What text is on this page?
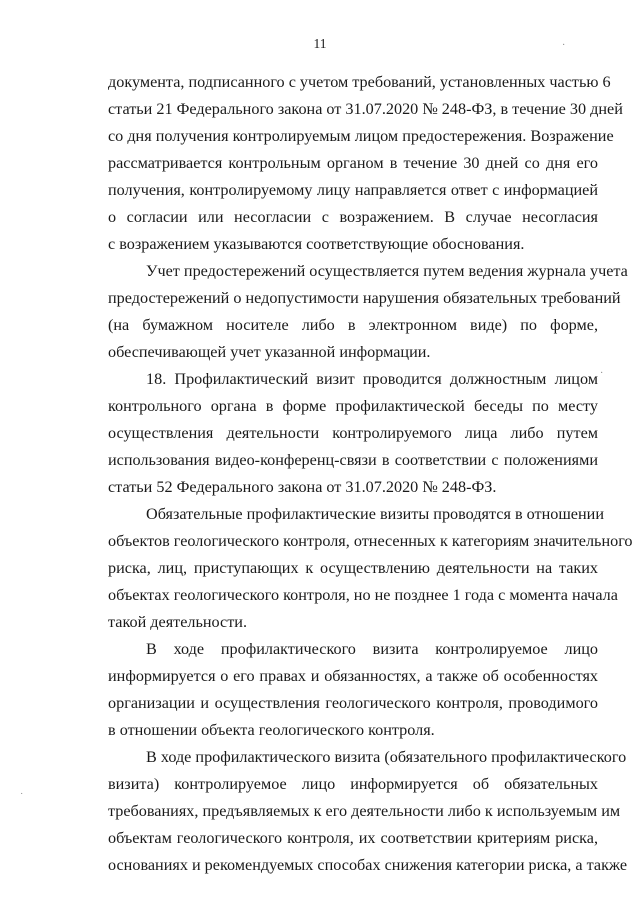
11	·
·
˙
документа, подписанного с учетом требований, установленных частью 6
статьи 21 Федерального закона от 31.07.2020 № 248-ФЗ, в течение 30 дней
со дня получения контролируемым лицом предостережения. Возражение
рассматривается контрольным органом в течение 30 дней со дня его
получения, контролируемому лицу направляется ответ с информацией
о согласии или несогласии с возражением. В случае несогласия
с возражением указываются соответствующие обоснования.
Учет предостережений осуществляется путем ведения журнала учета
предостережений о недопустимости нарушения обязательных требований
(на бумажном носителе либо в электронном виде) по форме,
обеспечивающей учет указанной информации.
18. Профилактический визит проводится должностным лицом
контрольного органа в форме профилактической беседы по месту
осуществления деятельности контролируемого лица либо путем
использования видео-конференц-связи в соответствии с положениями
статьи 52 Федерального закона от 31.07.2020 № 248-ФЗ.
Обязательные профилактические визиты проводятся в отношении
объектов геологического контроля, отнесенных к категориям значительного
риска, лиц, приступающих к осуществлению деятельности на таких
объектах геологического контроля, но не позднее 1 года с момента начала
такой деятельности.
В ходе профилактического визита контролируемое лицо
информируется о его правах и обязанностях, а также об особенностях
организации и осуществления геологического контроля, проводимого
в отношении объекта геологического контроля.
В ходе профилактического визита (обязательного профилактического
визита) контролируемое лицо информируется об обязательных
требованиях, предъявляемых к его деятельности либо к используемым им
объектам геологического контроля, их соответствии критериям риска,
основаниях и рекомендуемых способах снижения категории риска, а также
